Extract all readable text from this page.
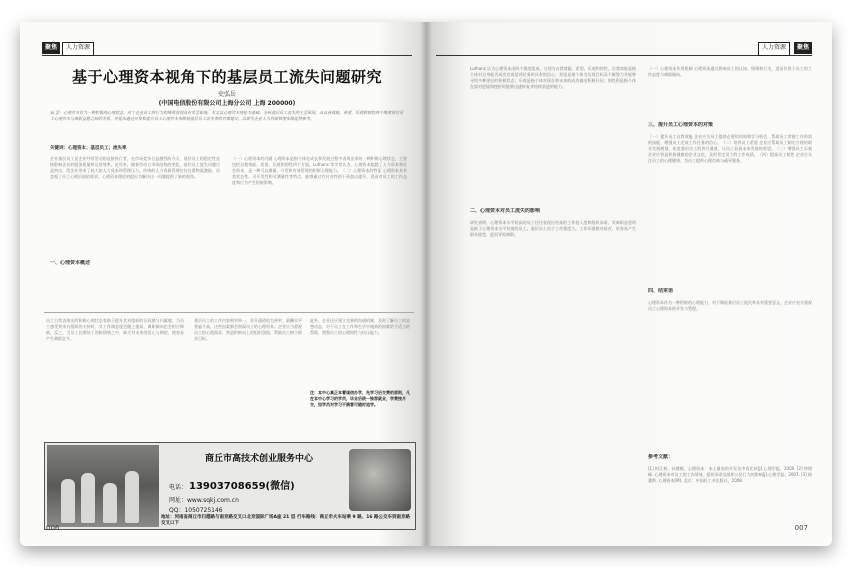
聚焦	人力资源
基于心理资本视角下的基层员工流失问题研究
史弘岳
(中国电信股份有限公司上海分公司 上海 200000)
摘 要：心理资本作为一种积极的心理状态，对于企业员工的行为和绩效表现具有重要影响，本文以心理资本理论为基础，分析基层员工流失的主要原因，从自我效能、希望、乐观和韧性四个维度探讨员工心理资本与离职意愿之间的关系，并提出通过开发和提升员工心理资本来降低基层员工流失率的对策建议，以期为企业人力资源管理实践提供参考。
关键词：心理资本；基层员工；流失率
企业基层员工是企业经营活动的直接执行者，在市场竞争日益激烈的今天，基层员工的稳定性直接影响企业的服务质量和运营效率。近年来，随着劳动力市场结构的变化，基层员工流失问题日益突出，给企业带来了较大的人力成本和管理压力。传统的人力资源管理往往注重物质激励，而忽视了员工心理层面的需求。心理资本理论的提出为解决这一问题提供了新的视角。
一、心理资本概述
（一）心理资本的内涵 心理资本是指个体在成长和发展过程中表现出来的一种积极心理状态，主要包括自我效能、希望、乐观和韧性四个方面。Luthans 等学者认为，心理资本超越了人力资本和社会资本，是一种可以测量、开发和有效管理的积极心理能力。（二）心理资本的特征 心理资本具有类状态性、可开发性和可测量性等特点，能够通过有针对性的干预加以提升，进而对员工的工作态度和行为产生积极影响。
员工日常表现出的积极心理状态有助于提升其对组织的认同感与归属感。当员工感受到来自组织的支持时，其工作满意度会随之提高，离职倾向也会相应降低。反之，当员工长期处于消极情绪之中，缺乏对未来的信心与期望，便容易产生离职念头。
基层员工的工作内容相对单一，晋升通道较为狭窄，薪酬水平普遍不高，这些因素都会削弱员工的心理资本。企业应当重视员工的心理需求，营造积极向上的组织氛围，帮助员工树立职业目标。
此外，企业还应建立完善的沟通机制，及时了解员工的思想动态，对于员工在工作和生活中遇到的困难给予适当的帮助，增强员工的心理韧性与抗压能力。
注：本中心真正本着诚信办学，先学习后交费的原则，凡在本中心学习的学员，毕业后统一推荐就业，学费按月交，如学员对学习不满意可随时退学。
商丘市高技术创业服务中心
电话： 13903708659(微信)
网址：www.sqkj.com.cn
QQ：1050725146
地址：河南省商丘市归德路与南京路交叉口北京国际广场A座 21 层 行车路线：商丘市火车站乘 9 路、16 路公交车到南京路交叉口下
006
人力资源	聚焦
Luthans 认为心理资本由四个维度组成，分别为自我效能、希望、乐观和韧性。自我效能是指个体对自身能否成功完成某项任务所具有的信心；希望是指个体为实现目标而不断努力并能够寻找多种途径的积极状态；乐观是指个体对现在和未来的成功做出积极归因；韧性则是指个体在面对逆境和挫折时能够迅速恢复并持续前进的能力。
二、心理资本对员工流失的影响
研究表明，心理资本水平较高的员工往往表现出更高的工作投入度和组织承诺，其离职意愿明显低于心理资本水平较低的员工。基层员工由于工作强度大、工作环境相对艰苦，更容易产生职业倦怠，进而导致离职。
（一）心理资本作用机制 心理资本通过影响员工的认知、情绪和行为，进而作用于员工的工作态度与离职倾向。
三、提升员工心理资本的对策
（一）提升员工自我效能 企业应为员工提供必要的培训和学习机会，帮助员工掌握工作所需的技能，增强员工完成工作任务的信心。（二）培养员工希望 企业应帮助员工制定合理的职业发展规划，拓宽基层员工的晋升通道，让员工看到未来发展的希望。（三）增强员工乐观 企业应营造积极健康的企业文化，及时肯定员工的工作成绩。（四）提高员工韧性 企业应关注员工的心理健康，为员工提供心理咨询与疏导服务。
四、结束语
心理资本作为一种积极的心理能力，对于降低基层员工流失率具有重要意义。企业应充分重视员工心理资本的开发与管理。
参考文献：
[1] 柯江林，孙健敏，心理资本：本土量表的开发及中西比较[J].心理学报，2009. [2] 仲理峰. 心理资本对员工的工作绩效、组织承诺及组织公民行为的影响[J].心理学报，2007. [3] 路桑斯. 心理资本[M]. 北京：中国轻工业出版社，2008.
007
